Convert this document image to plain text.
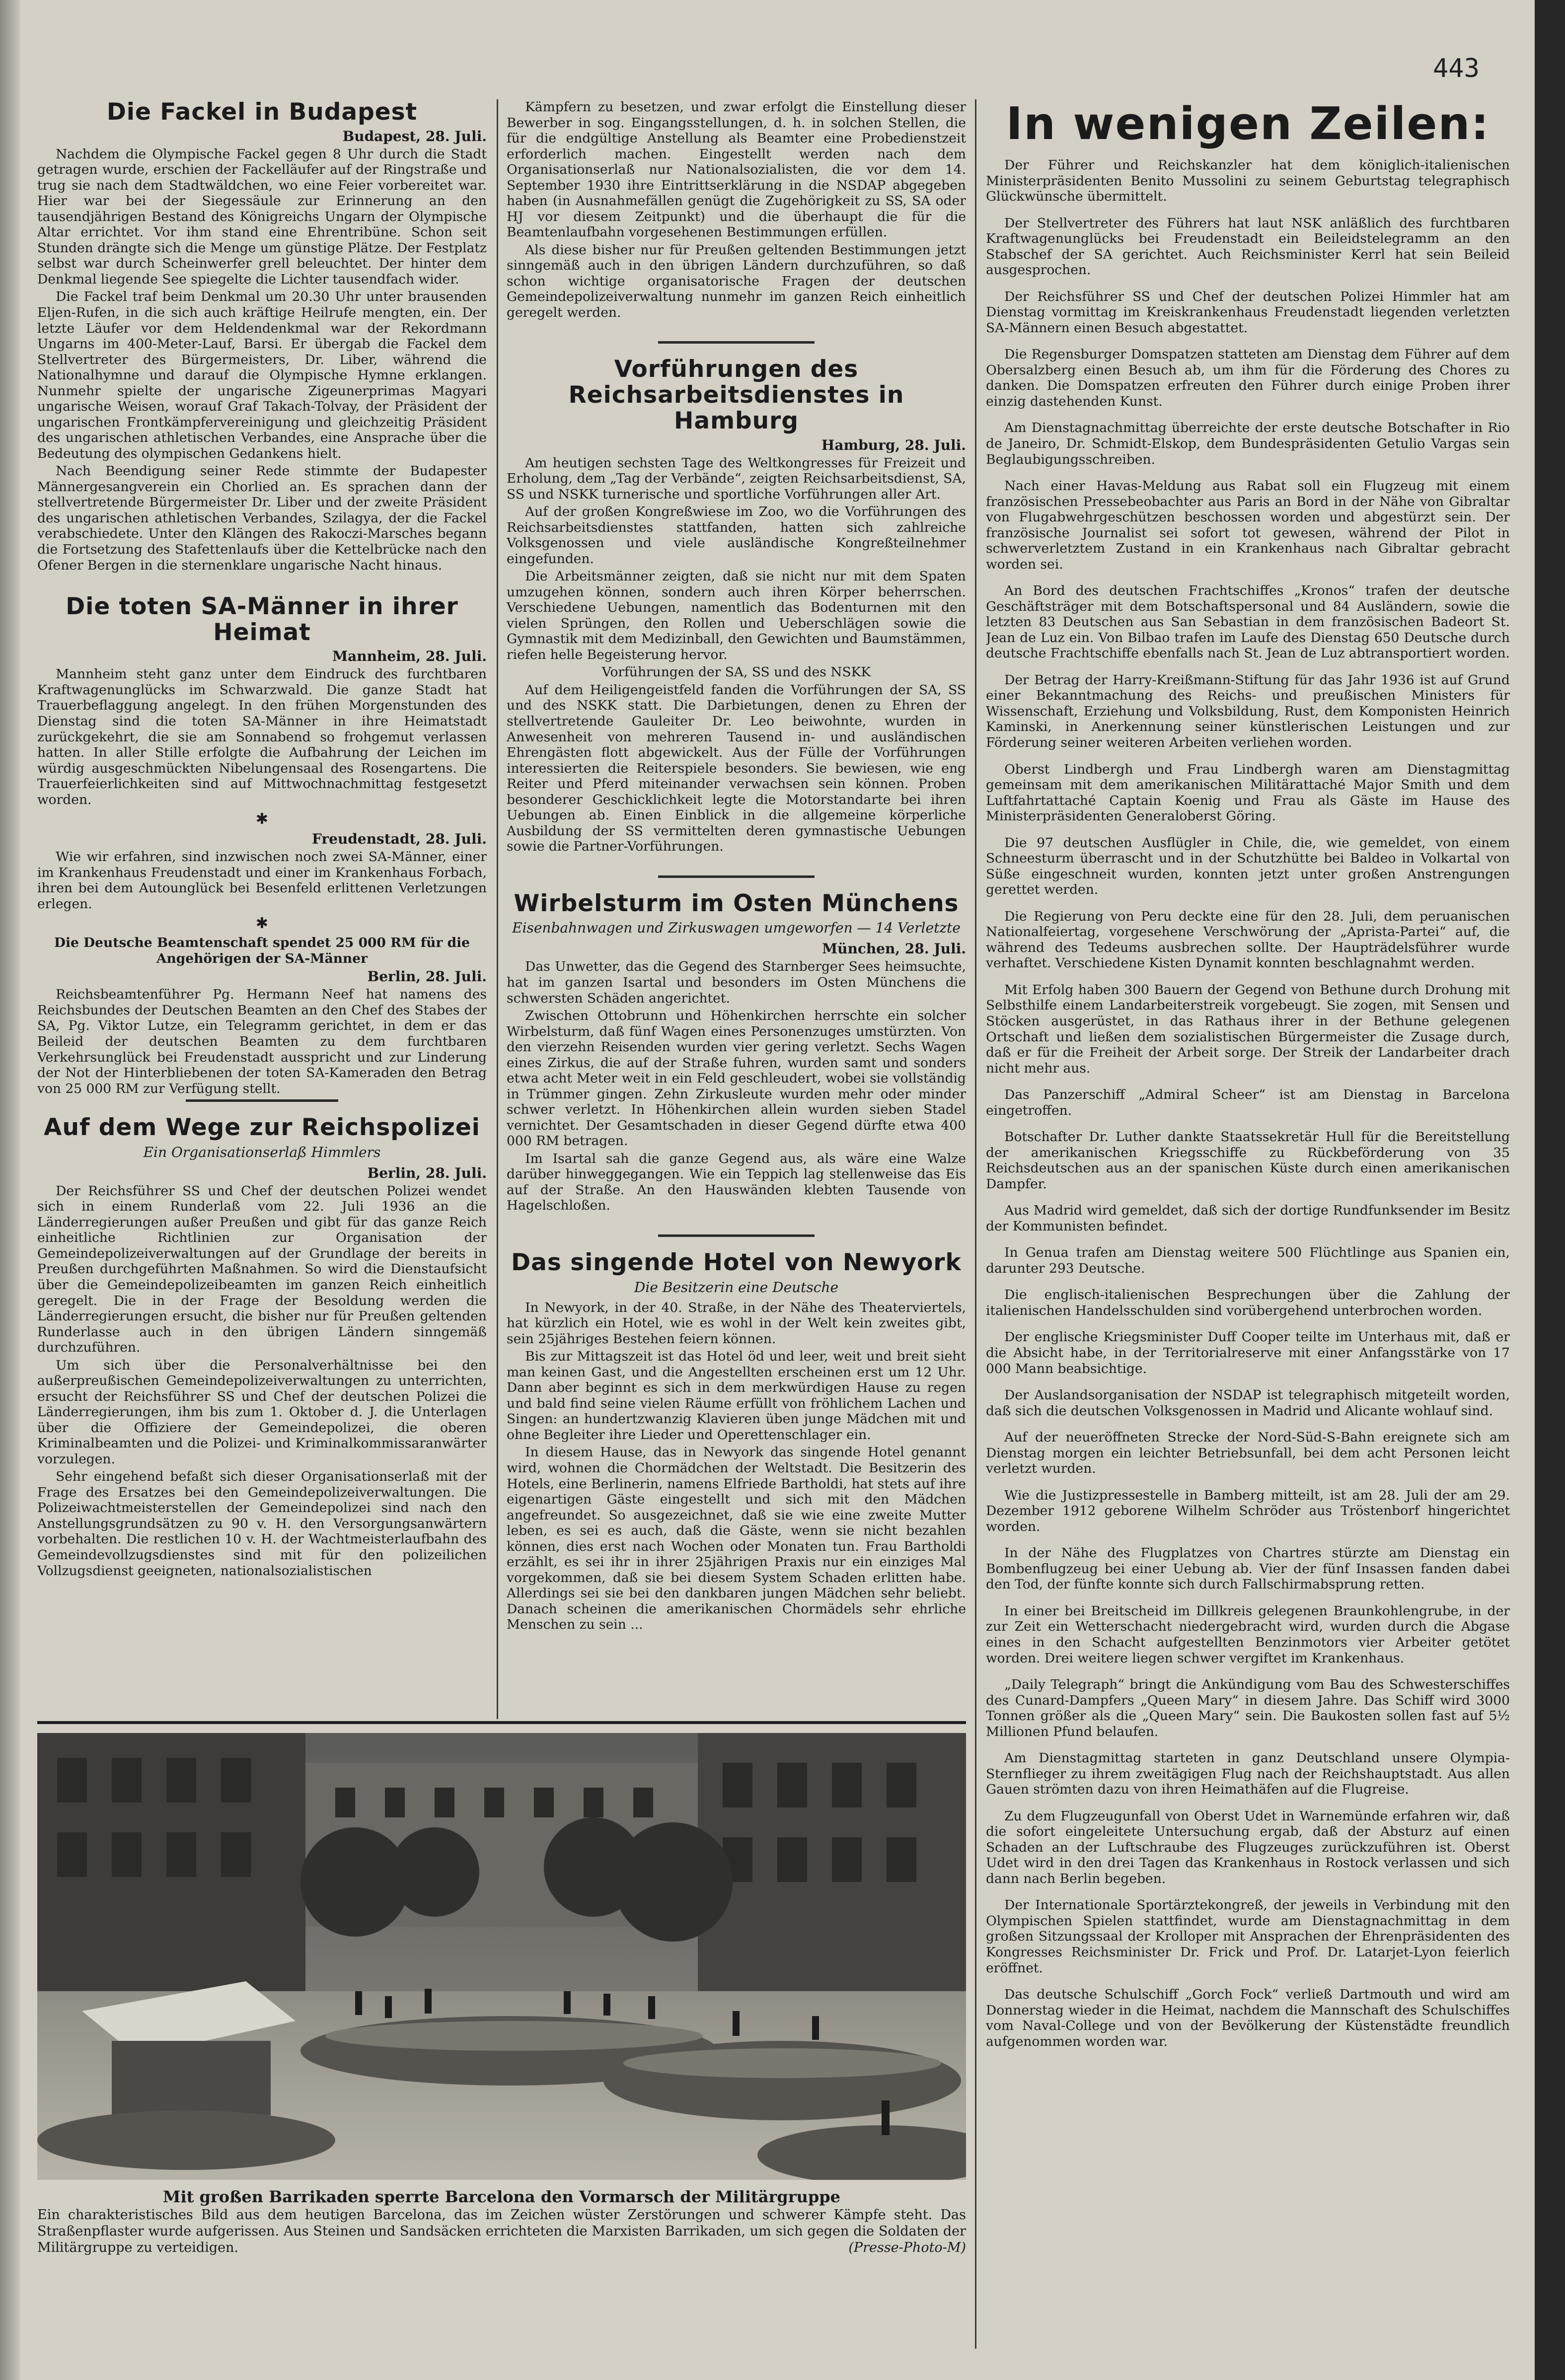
443
Die Fackel in Budapest
Budapest, 28. Juli.

Nachdem die Olympische Fackel gegen 8 Uhr durch die Stadt getragen wurde, erschien der Fackelläufer auf der Ringstraße und trug sie nach dem Stadtwäldchen, wo eine Feier vorbereitet war. Hier war bei der Siegessäule zur Erinnerung an den tausendjährigen Bestand des Königreichs Ungarn der Olympische Altar errichtet. Vor ihm stand eine Ehrentribüne. Schon seit Stunden drängte sich die Menge um günstige Plätze. Der Festplatz selbst war durch Scheinwerfer grell beleuchtet. Der hinter dem Denkmal liegende See spiegelte die Lichter tausendfach wider.

Die Fackel traf beim Denkmal um 20.30 Uhr unter brausenden Eljen-Rufen, in die sich auch kräftige Heilrufe mengten, ein. Der letzte Läufer vor dem Heldendenkmal war der Rekordmann Ungarns im 400-Meter-Lauf, Barsi. Er übergab die Fackel dem Stellvertreter des Bürgermeisters, Dr. Liber, während die Nationalhymne und darauf die Olympische Hymne erklangen. Nunmehr spielte der ungarische Zigeunerprimas Magyari ungarische Weisen, worauf Graf Takach-Tolvay, der Präsident der ungarischen Frontkämpfervereinigung und gleichzeitig Präsident des ungarischen athletischen Verbandes, eine Ansprache über die Bedeutung des olympischen Gedankens hielt.

Nach Beendigung seiner Rede stimmte der Budapester Männergesangverein ein Chorlied an. Es sprachen dann der stellvertretende Bürgermeister Dr. Liber und der zweite Präsident des ungarischen athletischen Verbandes, Szilagya, der die Fackel verabschiedete. Unter den Klängen des Rakoczi-Marsches begann die Fortsetzung des Stafettenlaufs über die Kettelbrücke nach den Ofener Bergen in die sternenklare ungarische Nacht hinaus.

Die toten SA-Männer in ihrer Heimat
Mannheim, 28. Juli.

Mannheim steht ganz unter dem Eindruck des furchtbaren Kraftwagenunglücks im Schwarzwald. Die ganze Stadt hat Trauerbeflaggung angelegt. In den frühen Morgenstunden des Dienstag sind die toten SA-Männer in ihre Heimatstadt zurückgekehrt, die sie am Sonnabend so frohgemut verlassen hatten. In aller Stille erfolgte die Aufbahrung der Leichen im würdig ausgeschmückten Nibelungensaal des Rosengartens. Die Trauerfeierlichkeiten sind auf Mittwochnachmittag festgesetzt worden.

✱
Freudenstadt, 28. Juli.

Wie wir erfahren, sind inzwischen noch zwei SA-Männer, einer im Krankenhaus Freudenstadt und einer im Krankenhaus Forbach, ihren bei dem Autounglück bei Besenfeld erlittenen Verletzungen erlegen.

✱

Die Deutsche Beamtenschaft spendet 25 000 RM für die Angehörigen der SA-Männer

Berlin, 28. Juli.

Reichsbeamtenführer Pg. Hermann Neef hat namens des Reichsbundes der Deutschen Beamten an den Chef des Stabes der SA, Pg. Viktor Lutze, ein Telegramm gerichtet, in dem er das Beileid der deutschen Beamten zu dem furchtbaren Verkehrsunglück bei Freudenstadt ausspricht und zur Linderung der Not der Hinterbliebenen der toten SA-Kameraden den Betrag von 25 000 RM zur Verfügung stellt.

Auf dem Wege zur Reichspolizei
Ein Organisationserlaß Himmlers
Berlin, 28. Juli.

Der Reichsführer SS und Chef der deutschen Polizei wendet sich in einem Runderlaß vom 22. Juli 1936 an die Länderregierungen außer Preußen und gibt für das ganze Reich einheitliche Richtlinien zur Organisation der Gemeindepolizeiverwaltungen auf der Grundlage der bereits in Preußen durchgeführten Maßnahmen. So wird die Dienstaufsicht über die Gemeindepolizeibeamten im ganzen Reich einheitlich geregelt. Die in der Frage der Besoldung werden die Länderregierungen ersucht, die bisher nur für Preußen geltenden Runderlasse auch in den übrigen Ländern sinngemäß durchzuführen.

Um sich über die Personalverhältnisse bei den außerpreußischen Gemeindepolizeiverwaltungen zu unterrichten, ersucht der Reichsführer SS und Chef der deutschen Polizei die Länderregierungen, ihm bis zum 1. Oktober d. J. die Unterlagen über die Offiziere der Gemeindepolizei, die oberen Kriminalbeamten und die Polizei- und Kriminalkommissaranwärter vorzulegen.

Sehr eingehend befaßt sich dieser Organisationserlaß mit der Frage des Ersatzes bei den Gemeindepolizeiverwaltungen. Die Polizeiwachtmeisterstellen der Gemeindepolizei sind nach den Anstellungsgrundsätzen zu 90 v. H. den Versorgungsanwärtern vorbehalten. Die restlichen 10 v. H. der Wachtmeisterlaufbahn des Gemeindevollzugsdienstes sind mit für den polizeilichen Vollzugsdienst geeigneten, nationalsozialistischen

Kämpfern zu besetzen, und zwar erfolgt die Einstellung dieser Bewerber in sog. Eingangsstellungen, d. h. in solchen Stellen, die für die endgültige Anstellung als Beamter eine Probedienstzeit erforderlich machen. Eingestellt werden nach dem Organisationserlaß nur Nationalsozialisten, die vor dem 14. September 1930 ihre Eintrittserklärung in die NSDAP abgegeben haben (in Ausnahmefällen genügt die Zugehörigkeit zu SS, SA oder HJ vor diesem Zeitpunkt) und die überhaupt die für die Beamtenlaufbahn vorgesehenen Bestimmungen erfüllen.

Als diese bisher nur für Preußen geltenden Bestimmungen jetzt sinngemäß auch in den übrigen Ländern durchzuführen, so daß schon wichtige organisatorische Fragen der deutschen Gemeindepolizeiverwaltung nunmehr im ganzen Reich einheitlich geregelt werden.

Vorführungen des Reichsarbeitsdienstes in Hamburg
Hamburg, 28. Juli.

Am heutigen sechsten Tage des Weltkongresses für Freizeit und Erholung, dem „Tag der Verbände“, zeigten Reichsarbeitsdienst, SA, SS und NSKK turnerische und sportliche Vorführungen aller Art.

Auf der großen Kongreßwiese im Zoo, wo die Vorführungen des Reichsarbeitsdienstes stattfanden, hatten sich zahlreiche Volksgenossen und viele ausländische Kongreßteilnehmer eingefunden.

Die Arbeitsmänner zeigten, daß sie nicht nur mit dem Spaten umzugehen können, sondern auch ihren Körper beherrschen. Verschiedene Uebungen, namentlich das Bodenturnen mit den vielen Sprüngen, den Rollen und Ueberschlägen sowie die Gymnastik mit dem Medizinball, den Gewichten und Baumstämmen, riefen helle Begeisterung hervor.

Vorführungen der SA, SS und des NSKK

Auf dem Heiligengeistfeld fanden die Vorführungen der SA, SS und des NSKK statt. Die Darbietungen, denen zu Ehren der stellvertretende Gauleiter Dr. Leo beiwohnte, wurden in Anwesenheit von mehreren Tausend in- und ausländischen Ehrengästen flott abgewickelt. Aus der Fülle der Vorführungen interessierten die Reiterspiele besonders. Sie bewiesen, wie eng Reiter und Pferd miteinander verwachsen sein können. Proben besonderer Geschicklichkeit legte die Motorstandarte bei ihren Uebungen ab. Einen Einblick in die allgemeine körperliche Ausbildung der SS vermittelten deren gymnastische Uebungen sowie die Partner-Vorführungen.

Wirbelsturm im Osten Münchens
Eisenbahnwagen und Zirkuswagen umgeworfen — 14 Verletzte
München, 28. Juli.

Das Unwetter, das die Gegend des Starnberger Sees heimsuchte, hat im ganzen Isartal und besonders im Osten Münchens die schwersten Schäden angerichtet.

Zwischen Ottobrunn und Höhenkirchen herrschte ein solcher Wirbelsturm, daß fünf Wagen eines Personenzuges umstürzten. Von den vierzehn Reisenden wurden vier gering verletzt. Sechs Wagen eines Zirkus, die auf der Straße fuhren, wurden samt und sonders etwa acht Meter weit in ein Feld geschleudert, wobei sie vollständig in Trümmer gingen. Zehn Zirkusleute wurden mehr oder minder schwer verletzt. In Höhenkirchen allein wurden sieben Stadel vernichtet. Der Gesamtschaden in dieser Gegend dürfte etwa 400 000 RM betragen.

Im Isartal sah die ganze Gegend aus, als wäre eine Walze darüber hinweggegangen. Wie ein Teppich lag stellenweise das Eis auf der Straße. An den Hauswänden klebten Tausende von Hagelschloßen.

Das singende Hotel von Newyork
Die Besitzerin eine Deutsche

In Newyork, in der 40. Straße, in der Nähe des Theaterviertels, hat kürzlich ein Hotel, wie es wohl in der Welt kein zweites gibt, sein 25jähriges Bestehen feiern können.

Bis zur Mittagszeit ist das Hotel öd und leer, weit und breit sieht man keinen Gast, und die Angestellten erscheinen erst um 12 Uhr. Dann aber beginnt es sich in dem merkwürdigen Hause zu regen und bald find seine vielen Räume erfüllt von fröhlichem Lachen und Singen: an hundertzwanzig Klavieren üben junge Mädchen mit und ohne Begleiter ihre Lieder und Operettenschlager ein.

In diesem Hause, das in Newyork das singende Hotel genannt wird, wohnen die Chormädchen der Weltstadt. Die Besitzerin des Hotels, eine Berlinerin, namens Elfriede Bartholdi, hat stets auf ihre eigenartigen Gäste eingestellt und sich mit den Mädchen angefreundet. So ausgezeichnet, daß sie wie eine zweite Mutter leben, es sei es auch, daß die Gäste, wenn sie nicht bezahlen können, dies erst nach Wochen oder Monaten tun. Frau Bartholdi erzählt, es sei ihr in ihrer 25jährigen Praxis nur ein einziges Mal vorgekommen, daß sie bei diesem System Schaden erlitten habe. Allerdings sei sie bei den dankbaren jungen Mädchen sehr beliebt. Danach scheinen die amerikanischen Chormädels sehr ehrliche Menschen zu sein ...

In wenigen Zeilen:

Der Führer und Reichskanzler hat dem königlich-italienischen Ministerpräsidenten Benito Mussolini zu seinem Geburtstag telegraphisch Glückwünsche übermittelt.

Der Stellvertreter des Führers hat laut NSK anläßlich des furchtbaren Kraftwagenunglücks bei Freudenstadt ein Beileidstelegramm an den Stabschef der SA gerichtet. Auch Reichsminister Kerrl hat sein Beileid ausgesprochen.

Der Reichsführer SS und Chef der deutschen Polizei Himmler hat am Dienstag vormittag im Kreiskrankenhaus Freudenstadt liegenden verletzten SA-Männern einen Besuch abgestattet.

Die Regensburger Domspatzen statteten am Dienstag dem Führer auf dem Obersalzberg einen Besuch ab, um ihm für die Förderung des Chores zu danken. Die Domspatzen erfreuten den Führer durch einige Proben ihrer einzig dastehenden Kunst.

Am Dienstagnachmittag überreichte der erste deutsche Botschafter in Rio de Janeiro, Dr. Schmidt-Elskop, dem Bundespräsidenten Getulio Vargas sein Beglaubigungsschreiben.

Nach einer Havas-Meldung aus Rabat soll ein Flugzeug mit einem französischen Pressebeobachter aus Paris an Bord in der Nähe von Gibraltar von Flugabwehrgeschützen beschossen worden und abgestürzt sein. Der französische Journalist sei sofort tot gewesen, während der Pilot in schwerverletztem Zustand in ein Krankenhaus nach Gibraltar gebracht worden sei.

An Bord des deutschen Frachtschiffes „Kronos“ trafen der deutsche Geschäftsträger mit dem Botschaftspersonal und 84 Ausländern, sowie die letzten 83 Deutschen aus San Sebastian in dem französischen Badeort St. Jean de Luz ein. Von Bilbao trafen im Laufe des Dienstag 650 Deutsche durch deutsche Frachtschiffe ebenfalls nach St. Jean de Luz abtransportiert worden.

Der Betrag der Harry-Kreißmann-Stiftung für das Jahr 1936 ist auf Grund einer Bekanntmachung des Reichs- und preußischen Ministers für Wissenschaft, Erziehung und Volksbildung, Rust, dem Komponisten Heinrich Kaminski, in Anerkennung seiner künstlerischen Leistungen und zur Förderung seiner weiteren Arbeiten verliehen worden.

Oberst Lindbergh und Frau Lindbergh waren am Dienstagmittag gemeinsam mit dem amerikanischen Militärattaché Major Smith und dem Luftfahrtattaché Captain Koenig und Frau als Gäste im Hause des Ministerpräsidenten Generaloberst Göring.

Die 97 deutschen Ausflügler in Chile, die, wie gemeldet, von einem Schneesturm überrascht und in der Schutzhütte bei Baldeo in Volkartal von Süße eingeschneit wurden, konnten jetzt unter großen Anstrengungen gerettet werden.

Die Regierung von Peru deckte eine für den 28. Juli, dem peruanischen Nationalfeiertag, vorgesehene Verschwörung der „Aprista-Partei“ auf, die während des Tedeums ausbrechen sollte. Der Haupträdelsführer wurde verhaftet. Verschiedene Kisten Dynamit konnten beschlagnahmt werden.

Mit Erfolg haben 300 Bauern der Gegend von Bethune durch Drohung mit Selbsthilfe einem Landarbeiterstreik vorgebeugt. Sie zogen, mit Sensen und Stöcken ausgerüstet, in das Rathaus ihrer in der Bethune gelegenen Ortschaft und ließen dem sozialistischen Bürgermeister die Zusage durch, daß er für die Freiheit der Arbeit sorge. Der Streik der Landarbeiter drach nicht mehr aus.

Das Panzerschiff „Admiral Scheer“ ist am Dienstag in Barcelona eingetroffen.

Botschafter Dr. Luther dankte Staatssekretär Hull für die Bereitstellung der amerikanischen Kriegsschiffe zu Rückbeförderung von 35 Reichsdeutschen aus an der spanischen Küste durch einen amerikanischen Dampfer.

Aus Madrid wird gemeldet, daß sich der dortige Rundfunksender im Besitz der Kommunisten befindet.

In Genua trafen am Dienstag weitere 500 Flüchtlinge aus Spanien ein, darunter 293 Deutsche.

Die englisch-italienischen Besprechungen über die Zahlung der italienischen Handelsschulden sind vorübergehend unterbrochen worden.

Der englische Kriegsminister Duff Cooper teilte im Unterhaus mit, daß er die Absicht habe, in der Territorialreserve mit einer Anfangsstärke von 17 000 Mann beabsichtige.

Der Auslandsorganisation der NSDAP ist telegraphisch mitgeteilt worden, daß sich die deutschen Volksgenossen in Madrid und Alicante wohlauf sind.

Auf der neueröffneten Strecke der Nord-Süd-S-Bahn ereignete sich am Dienstag morgen ein leichter Betriebsunfall, bei dem acht Personen leicht verletzt wurden.

Wie die Justizpressestelle in Bamberg mitteilt, ist am 28. Juli der am 29. Dezember 1912 geborene Wilhelm Schröder aus Tröstenborf hingerichtet worden.

In der Nähe des Flugplatzes von Chartres stürzte am Dienstag ein Bombenflugzeug bei einer Uebung ab. Vier der fünf Insassen fanden dabei den Tod, der fünfte konnte sich durch Fallschirmabsprung retten.

In einer bei Breitscheid im Dillkreis gelegenen Braunkohlengrube, in der zur Zeit ein Wetterschacht niedergebracht wird, wurden durch die Abgase eines in den Schacht aufgestellten Benzinmotors vier Arbeiter getötet worden. Drei weitere liegen schwer vergiftet im Krankenhaus.

„Daily Telegraph“ bringt die Ankündigung vom Bau des Schwesterschiffes des Cunard-Dampfers „Queen Mary“ in diesem Jahre. Das Schiff wird 3000 Tonnen größer als die „Queen Mary“ sein. Die Baukosten sollen fast auf 5½ Millionen Pfund belaufen.

Am Dienstagmittag starteten in ganz Deutschland unsere Olympia-Sternflieger zu ihrem zweitägigen Flug nach der Reichshauptstadt. Aus allen Gauen strömten dazu von ihren Heimathäfen auf die Flugreise.

Zu dem Flugzeugunfall von Oberst Udet in Warnemünde erfahren wir, daß die sofort eingeleitete Untersuchung ergab, daß der Absturz auf einen Schaden an der Luftschraube des Flugzeuges zurückzuführen ist. Oberst Udet wird in den drei Tagen das Krankenhaus in Rostock verlassen und sich dann nach Berlin begeben.

Der Internationale Sportärztekongreß, der jeweils in Verbindung mit den Olympischen Spielen stattfindet, wurde am Dienstagnachmittag in dem großen Sitzungssaal der Krolloper mit Ansprachen der Ehrenpräsidenten des Kongresses Reichsminister Dr. Frick und Prof. Dr. Latarjet-Lyon feierlich eröffnet.

Das deutsche Schulschiff „Gorch Fock“ verließ Dartmouth und wird am Donnerstag wieder in die Heimat, nachdem die Mannschaft des Schulschiffes vom Naval-College und von der Bevölkerung der Küstenstädte freundlich aufgenommen worden war.

Mit großen Barrikaden sperrte Barcelona den Vormarsch der Militärgruppe
Ein charakteristisches Bild aus dem heutigen Barcelona, das im Zeichen wüster Zerstörungen und schwerer Kämpfe steht. Das Straßenpflaster wurde aufgerissen. Aus Steinen und Sandsäcken errichteten die Marxisten Barrikaden, um sich gegen die Soldaten der Militärgruppe zu verteidigen.	(Presse-Photo-M)
